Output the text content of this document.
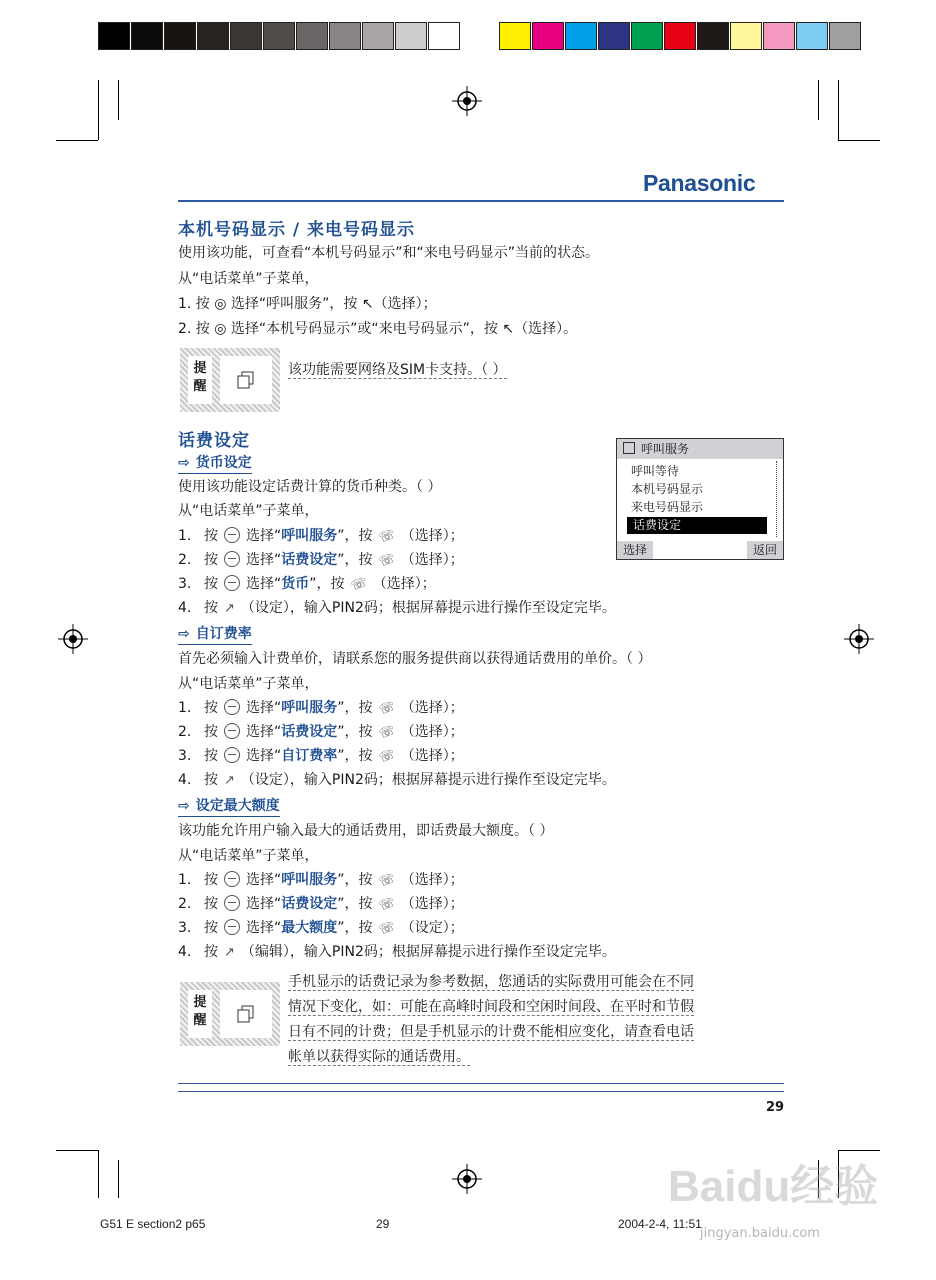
Panasonic
本机号码显示 / 来电号码显示
使用该功能，可查看“本机号码显示”和“来电号码显示”当前的状态。
从“电话菜单”子菜单，
1. 按 ◎ 选择“呼叫服务”，按 ↖（选择）；
2. 按 ◎ 选择“本机号码显示”或“来电号码显示”，按 ↖（选择）。
提
醒
该功能需要网络及SIM卡支持。（ ）
话费设定
⇨ 货币设定
使用该功能设定话费计算的货币种类。（ ）
从“电话菜单”子菜单，
1. 按 选择“呼叫服务”，按 ☏ （选择）；
2. 按 选择“话费设定”，按 ☏ （选择）；
3. 按 选择“货币”，按 ☏ （选择）；
4. 按 ↗ （设定），输入PIN2码；根据屏幕提示进行操作至设定完毕。
⇨ 自订费率
首先必须输入计费单价，请联系您的服务提供商以获得通话费用的单价。（ ）
从“电话菜单”子菜单，
1. 按 选择“呼叫服务”，按 ☏ （选择）；
2. 按 选择“话费设定”，按 ☏ （选择）；
3. 按 选择“自订费率”，按 ☏ （选择）；
4. 按 ↗ （设定），输入PIN2码；根据屏幕提示进行操作至设定完毕。
⇨ 设定最大额度
该功能允许用户输入最大的通话费用，即话费最大额度。（ ）
从“电话菜单”子菜单，
1. 按 选择“呼叫服务”，按 ☏ （选择）；
2. 按 选择“话费设定”，按 ☏ （选择）；
3. 按 选择“最大额度”，按 ☏ （设定）；
4. 按 ↗ （编辑），输入PIN2码；根据屏幕提示进行操作至设定完毕。
提
醒
手机显示的话费记录为参考数据，您通话的实际费用可能会在不同
情况下变化，如：可能在高峰时间段和空闲时间段、在平时和节假
日有不同的计费；但是手机显示的计费不能相应变化，请查看电话
帐单以获得实际的通话费用。
呼叫服务
呼叫等待
本机号码显示
来电号码显示
话费设定
选择	返回
29
Baidu经验
jingyan.baidu.com
G51 E section2 p65	29	2004-2-4, 11:51
